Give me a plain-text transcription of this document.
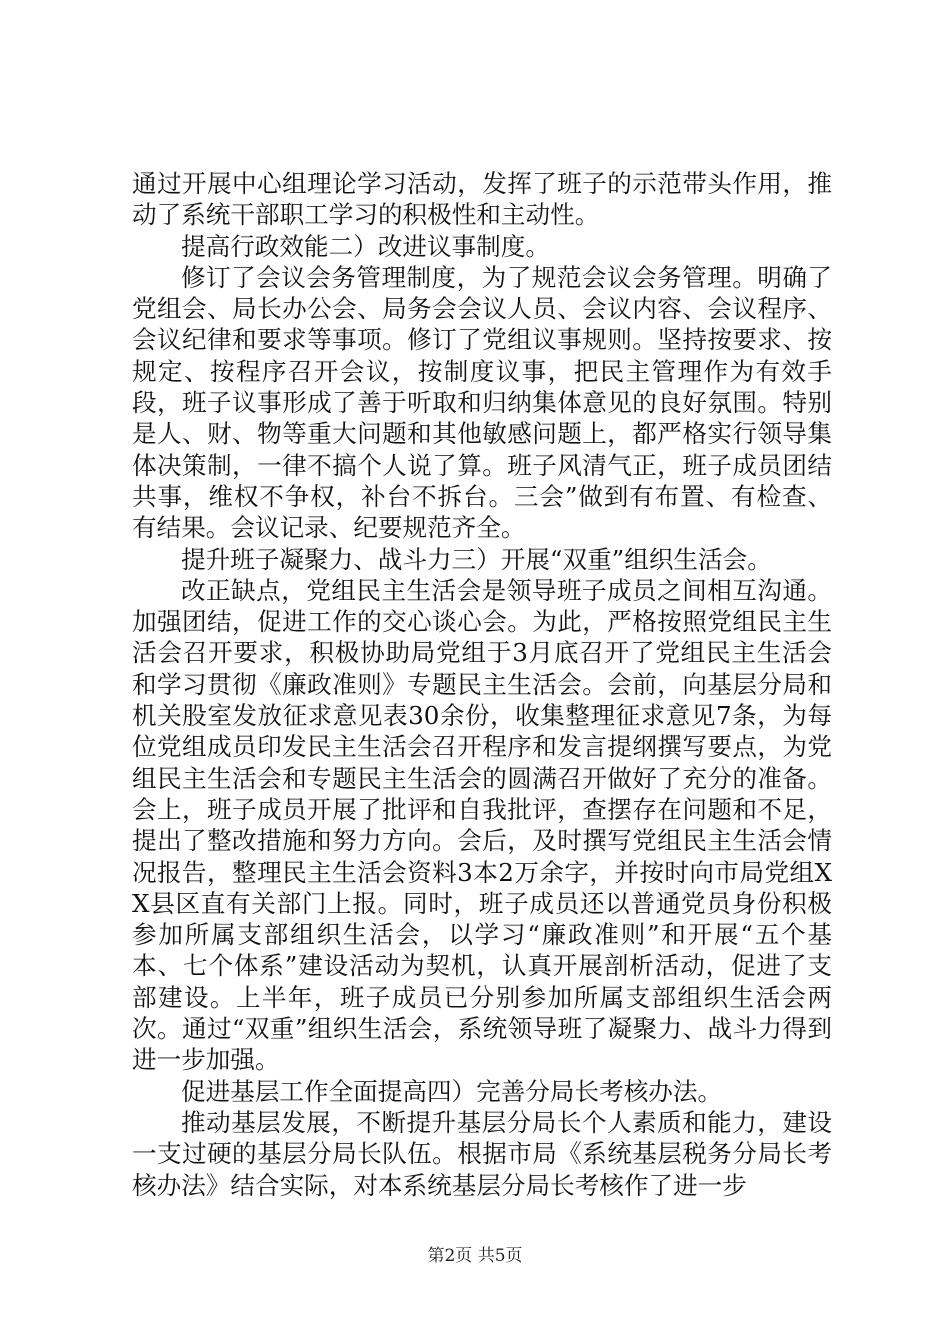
通过开展中心组理论学习活动，发挥了班子的示范带头作用，推动了系统干部职工学习的积极性和主动性。

提高行政效能二）改进议事制度。

修订了会议会务管理制度，为了规范会议会务管理。明确了党组会、局长办公会、局务会会议人员、会议内容、会议程序、会议纪律和要求等事项。修订了党组议事规则。坚持按要求、按规定、按程序召开会议，按制度议事，把民主管理作为有效手段，班子议事形成了善于听取和归纳集体意见的良好氛围。特别是人、财、物等重大问题和其他敏感问题上，都严格实行领导集体决策制，一律不搞个人说了算。班子风清气正，班子成员团结共事，维权不争权，补台不拆台。三会”做到有布置、有检查、有结果。会议记录、纪要规范齐全。

提升班子凝聚力、战斗力三）开展“双重”组织生活会。

改正缺点，党组民主生活会是领导班子成员之间相互沟通。加强团结，促进工作的交心谈心会。为此，严格按照党组民主生活会召开要求，积极协助局党组于3月底召开了党组民主生活会和学习贯彻《廉政准则》专题民主生活会。会前，向基层分局和机关股室发放征求意见表30余份，收集整理征求意见7条，为每位党组成员印发民主生活会召开程序和发言提纲撰写要点，为党组民主生活会和专题民主生活会的圆满召开做好了充分的准备。会上，班子成员开展了批评和自我批评，查摆存在问题和不足，提出了整改措施和努力方向。会后，及时撰写党组民主生活会情况报告，整理民主生活会资料3本2万余字，并按时向市局党组XX县区直有关部门上报。同时，班子成员还以普通党员身份积极参加所属支部组织生活会，以学习“廉政准则”和开展“五个基本、七个体系”建设活动为契机，认真开展剖析活动，促进了支部建设。上半年，班子成员已分别参加所属支部组织生活会两次。通过“双重”组织生活会，系统领导班了凝聚力、战斗力得到进一步加强。

促进基层工作全面提高四）完善分局长考核办法。

推动基层发展，不断提升基层分局长个人素质和能力，建设一支过硬的基层分局长队伍。根据市局《系统基层税务分局长考核办法》结合实际，对本系统基层分局长考核作了进一步

第2页 共5页
